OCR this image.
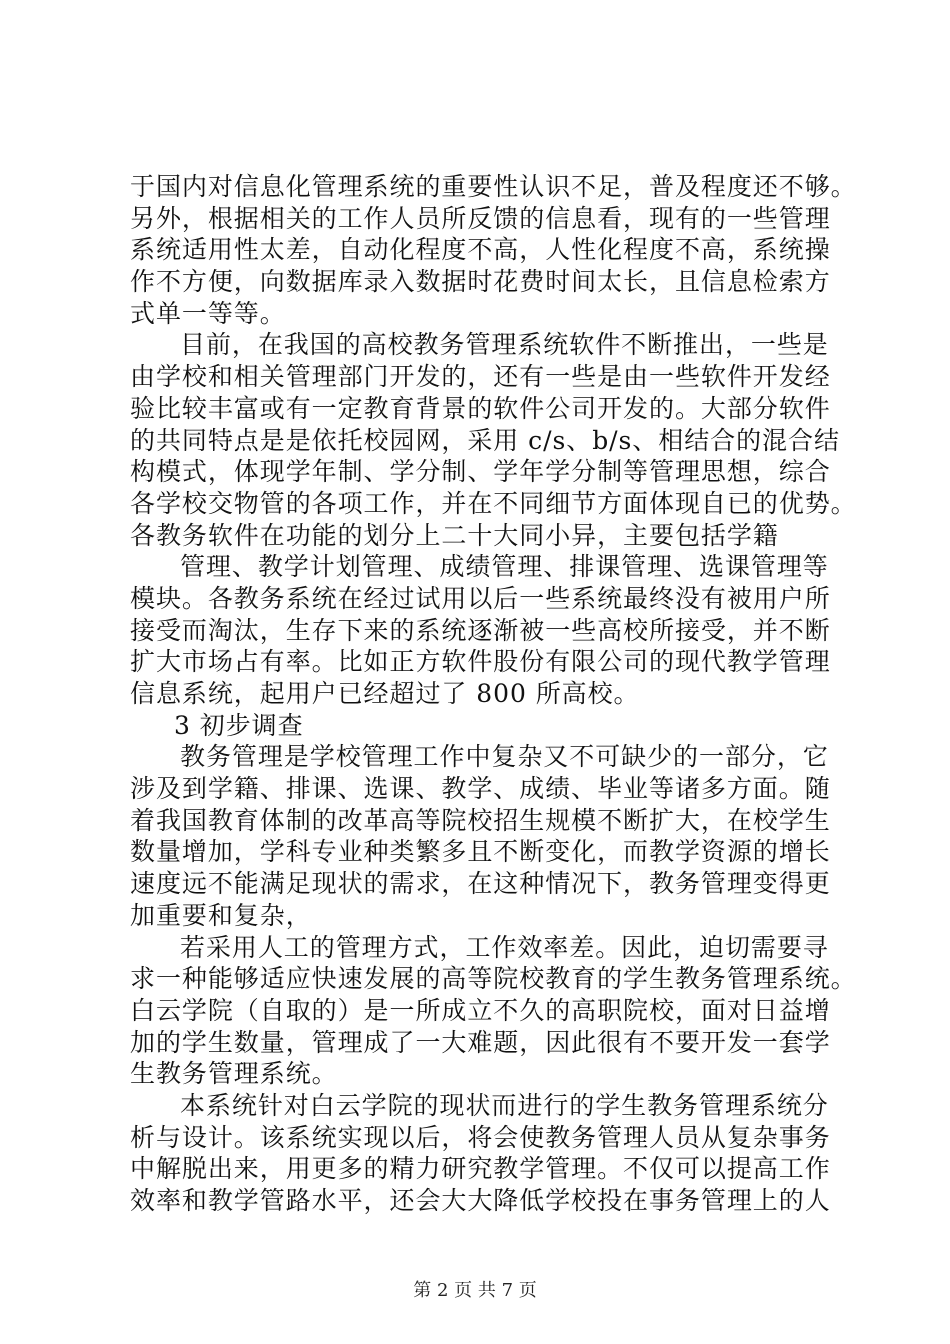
于国内对信息化管理系统的重要性认识不足，普及程度还不够。
另外，根据相关的工作人员所反馈的信息看，现有的一些管理
系统适用性太差，自动化程度不高，人性化程度不高，系统操
作不方便，向数据库录入数据时花费时间太长，且信息检索方
式单一等等。
目前，在我国的高校教务管理系统软件不断推出，一些是
由学校和相关管理部门开发的，还有一些是由一些软件开发经
验比较丰富或有一定教育背景的软件公司开发的。大部分软件
的共同特点是是依托校园网，采用 c/s、b/s、相结合的混合结
构模式，体现学年制、学分制、学年学分制等管理思想，综合
各学校交物管的各项工作，并在不同细节方面体现自已的优势。
各教务软件在功能的划分上二十大同小异，主要包括学籍
管理、教学计划管理、成绩管理、排课管理、选课管理等
模块。各教务系统在经过试用以后一些系统最终没有被用户所
接受而淘汰，生存下来的系统逐渐被一些高校所接受，并不断
扩大市场占有率。比如正方软件股份有限公司的现代教学管理
信息系统，起用户已经超过了 800 所高校。
3 初步调查
教务管理是学校管理工作中复杂又不可缺少的一部分，它
涉及到学籍、排课、选课、教学、成绩、毕业等诸多方面。随
着我国教育体制的改革高等院校招生规模不断扩大，在校学生
数量增加，学科专业种类繁多且不断变化，而教学资源的增长
速度远不能满足现状的需求，在这种情况下，教务管理变得更
加重要和复杂，
若采用人工的管理方式，工作效率差。因此，迫切需要寻
求一种能够适应快速发展的高等院校教育的学生教务管理系统。
白云学院（自取的）是一所成立不久的高职院校，面对日益增
加的学生数量，管理成了一大难题，因此很有不要开发一套学
生教务管理系统。
本系统针对白云学院的现状而进行的学生教务管理系统分
析与设计。该系统实现以后，将会使教务管理人员从复杂事务
中解脱出来，用更多的精力研究教学管理。不仅可以提高工作
效率和教学管路水平，还会大大降低学校投在事务管理上的人
第 2 页 共 7 页
